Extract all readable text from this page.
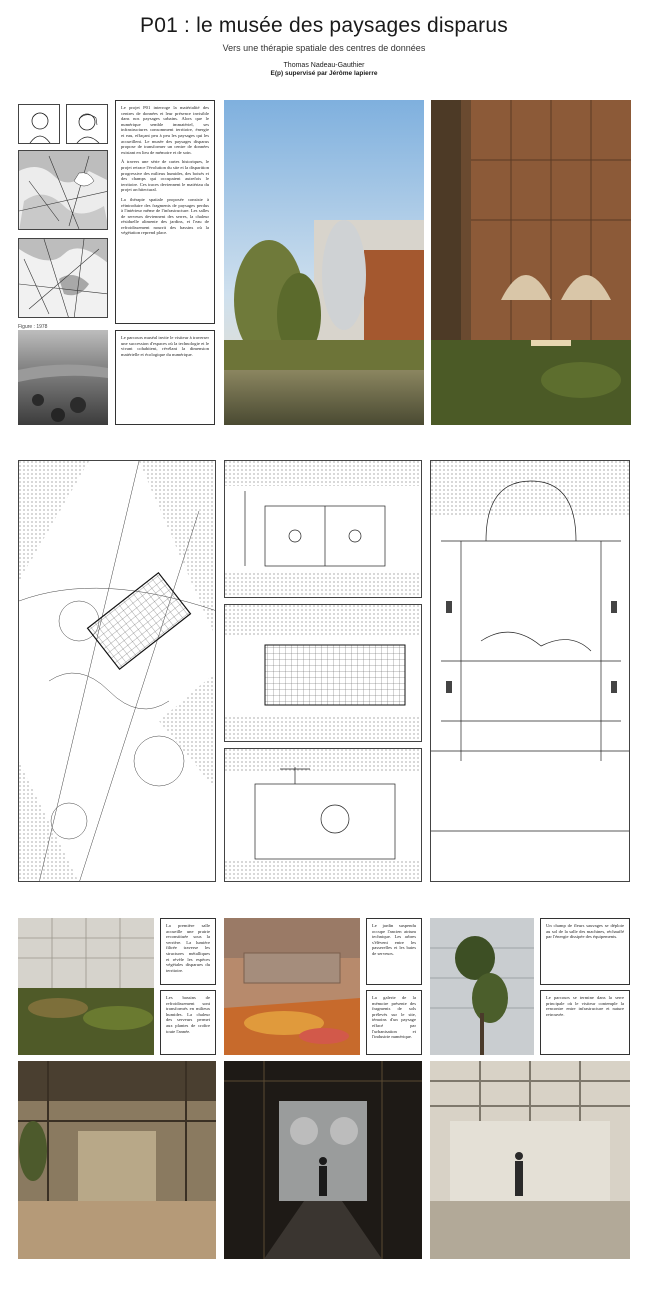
P01 : le musée des paysages disparus
Vers une thérapie spatiale des centres de données
Thomas Nadeau-Gauthier
E(p) supervisé par Jérôme lapierre
Figure : 1978

Le projet P01 interroge la matérialité des centres de données et leur présence invisible dans nos paysages urbains. Alors que le numérique semble immatériel, ses infrastructures consomment territoire, énergie et eau, effaçant peu à peu les paysages qui les accueillent. Le musée des paysages disparus propose de transformer un centre de données existant en lieu de mémoire et de soin.

À travers une série de cartes historiques, le projet retrace l'évolution du site et la disparition progressive des milieux humides, des boisés et des champs qui occupaient autrefois le territoire. Ces traces deviennent le matériau du projet architectural.

La thérapie spatiale proposée consiste à réintroduire des fragments de paysages perdus à l'intérieur même de l'infrastructure. Les salles de serveurs deviennent des serres, la chaleur résiduelle alimente des jardins, et l'eau de refroidissement nourrit des bassins où la végétation reprend place.

Le parcours muséal invite le visiteur à traverser une succession d'espaces où la technologie et le vivant cohabitent, révélant la dimension matérielle et écologique du numérique.

La première salle accueille une prairie reconstituée sous la verrière. La lumière filtrée traverse les structures métalliques et révèle les espèces végétales disparues du territoire.

Les bassins de refroidissement sont transformés en milieux humides. La chaleur des serveurs permet aux plantes de croître toute l'année.

Le jardin suspendu occupe l'ancien atrium technique. Les arbres s'élèvent entre les passerelles et les baies de serveurs.

La galerie de la mémoire présente des fragments de sols prélevés sur le site, témoins d'un paysage effacé par l'urbanisation et l'industrie numérique.

Un champ de fleurs sauvages se déploie au sol de la salle des machines, réchauffé par l'énergie dissipée des équipements.

Le parcours se termine dans la serre principale où le visiteur contemple la rencontre entre infrastructure et nature retrouvée.
